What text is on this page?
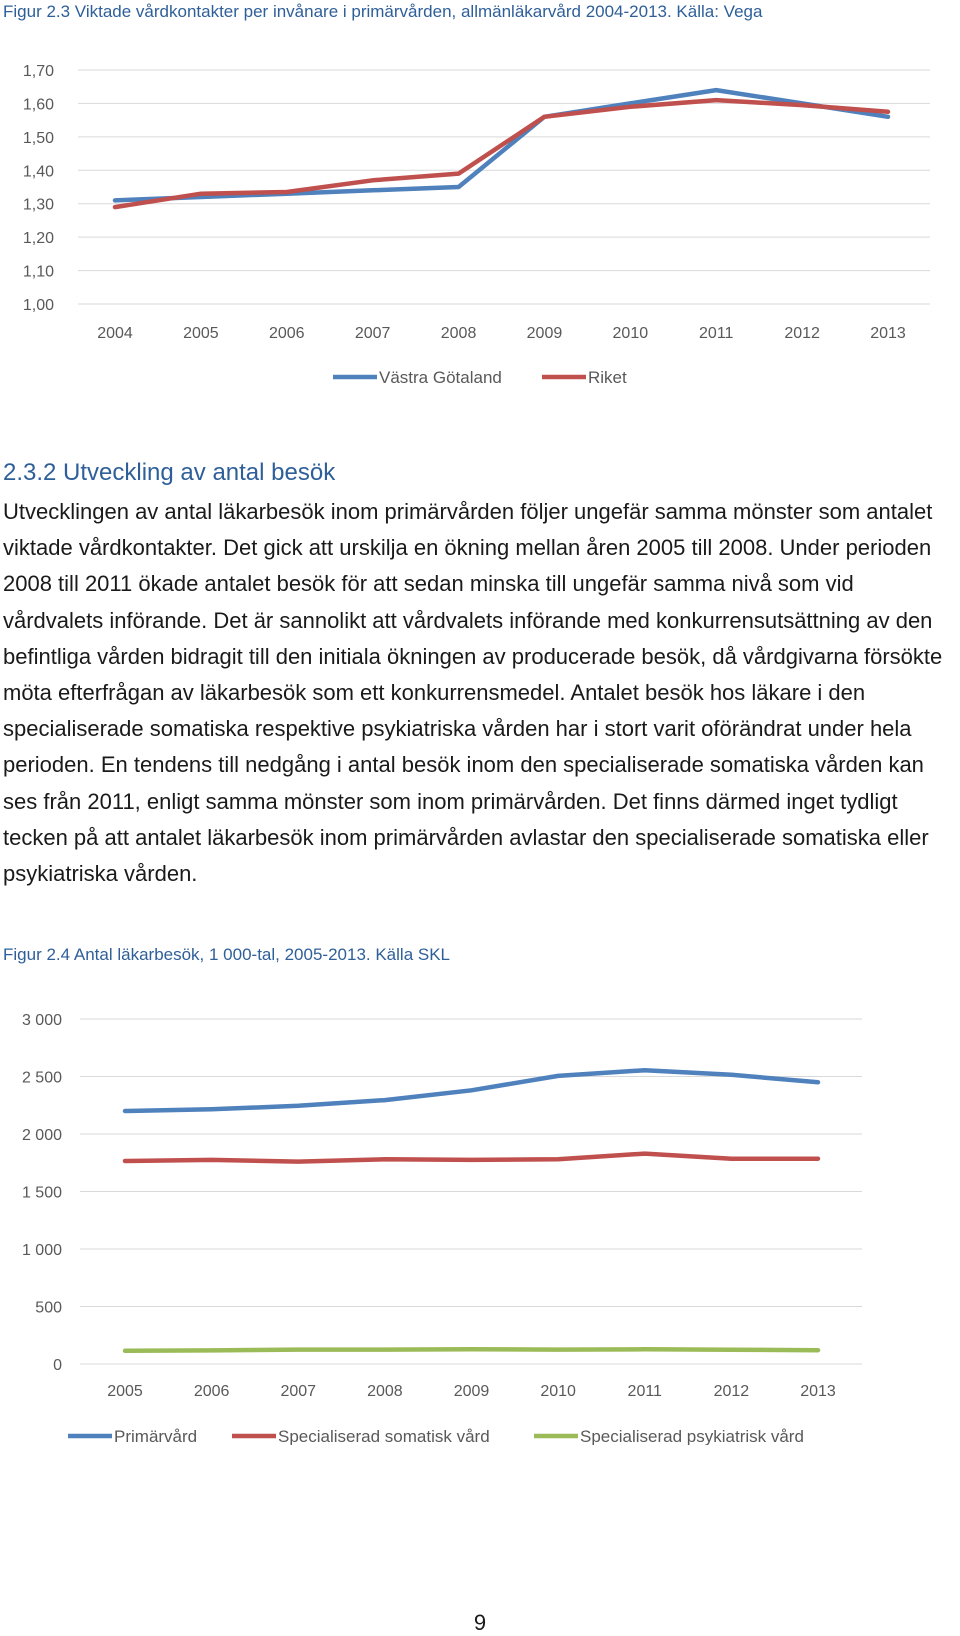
Figur 2.3 Viktade vårdkontakter per invånare i primärvården, allmänläkarvård 2004-2013. Källa: Vega
1,00
1,10
1,20
1,30
1,40
1,50
1,60
1,70
2004	2005	2006	2007	2008	2009	2010	2011	2012	2013
Västra Götaland	Riket
2.3.2 Utveckling av antal besök

Utvecklingen av antal läkarbesök inom primärvården följer ungefär samma mönster som antalet viktade vårdkontakter. Det gick att urskilja en ökning mellan åren 2005 till 2008. Under perioden 2008 till 2011 ökade antalet besök för att sedan minska till ungefär samma nivå som vid vårdvalets införande. Det är sannolikt att vårdvalets införande med konkurrensutsättning av den befintliga vården bidragit till den initiala ökningen av producerade besök, då vårdgivarna försökte möta efterfrågan av läkarbesök som ett konkurrensmedel. Antalet besök hos läkare i den specialiserade somatiska respektive psykiatriska vården har i stort varit oförändrat under hela perioden. En tendens till nedgång i antal besök inom den specialiserade somatiska vården kan ses från 2011, enligt samma mönster som inom primärvården. Det finns därmed inget tydligt tecken på att antalet läkarbesök inom primärvården avlastar den specialiserade somatiska eller psykiatriska vården.

Figur 2.4 Antal läkarbesök, 1 000-tal, 2005-2013. Källa SKL
0
500
1 000
1 500
2 000
2 500
3 000
2005	2006	2007	2008	2009	2010	2011	2012	2013
Primärvård	Specialiserad somatisk vård	Specialiserad psykiatrisk vård
9
